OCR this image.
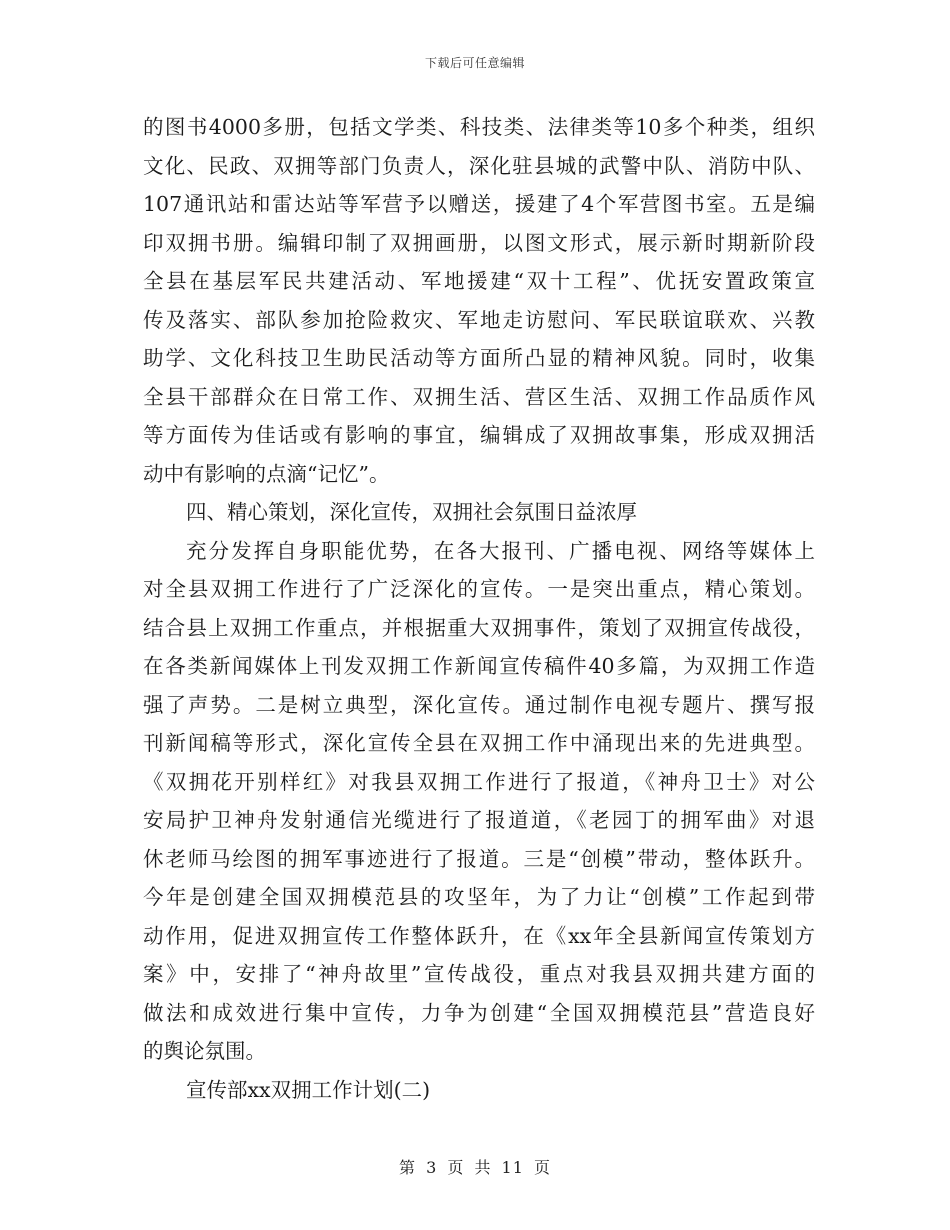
下载后可任意编辑
的图书4000多册，包括文学类、科技类、法律类等10多个种类，组织
文化、民政、双拥等部门负责人，深化驻县城的武警中队、消防中队、
107通讯站和雷达站等军营予以赠送，援建了4个军营图书室。五是编
印双拥书册。编辑印制了双拥画册，以图文形式，展示新时期新阶段
全县在基层军民共建活动、军地援建“双十工程”、优抚安置政策宣
传及落实、部队参加抢险救灾、军地走访慰问、军民联谊联欢、兴教
助学、文化科技卫生助民活动等方面所凸显的精神风貌。同时，收集
全县干部群众在日常工作、双拥生活、营区生活、双拥工作品质作风
等方面传为佳话或有影响的事宜，编辑成了双拥故事集，形成双拥活
动中有影响的点滴“记忆”。
四、精心策划，深化宣传，双拥社会氛围日益浓厚
充分发挥自身职能优势，在各大报刊、广播电视、网络等媒体上
对全县双拥工作进行了广泛深化的宣传。一是突出重点，精心策划。
结合县上双拥工作重点，并根据重大双拥事件，策划了双拥宣传战役，
在各类新闻媒体上刊发双拥工作新闻宣传稿件40多篇，为双拥工作造
强了声势。二是树立典型，深化宣传。通过制作电视专题片、撰写报
刊新闻稿等形式，深化宣传全县在双拥工作中涌现出来的先进典型。
《双拥花开别样红》对我县双拥工作进行了报道，《神舟卫士》对公
安局护卫神舟发射通信光缆进行了报道道，《老园丁的拥军曲》对退
休老师马绘图的拥军事迹进行了报道。三是“创模”带动，整体跃升。
今年是创建全国双拥模范县的攻坚年，为了力让“创模”工作起到带
动作用，促进双拥宣传工作整体跃升，在《xx年全县新闻宣传策划方
案》中，安排了“神舟故里”宣传战役，重点对我县双拥共建方面的
做法和成效进行集中宣传，力争为创建“全国双拥模范县”营造良好
的舆论氛围。
宣传部xx双拥工作计划(二)
第 3 页 共 11 页
